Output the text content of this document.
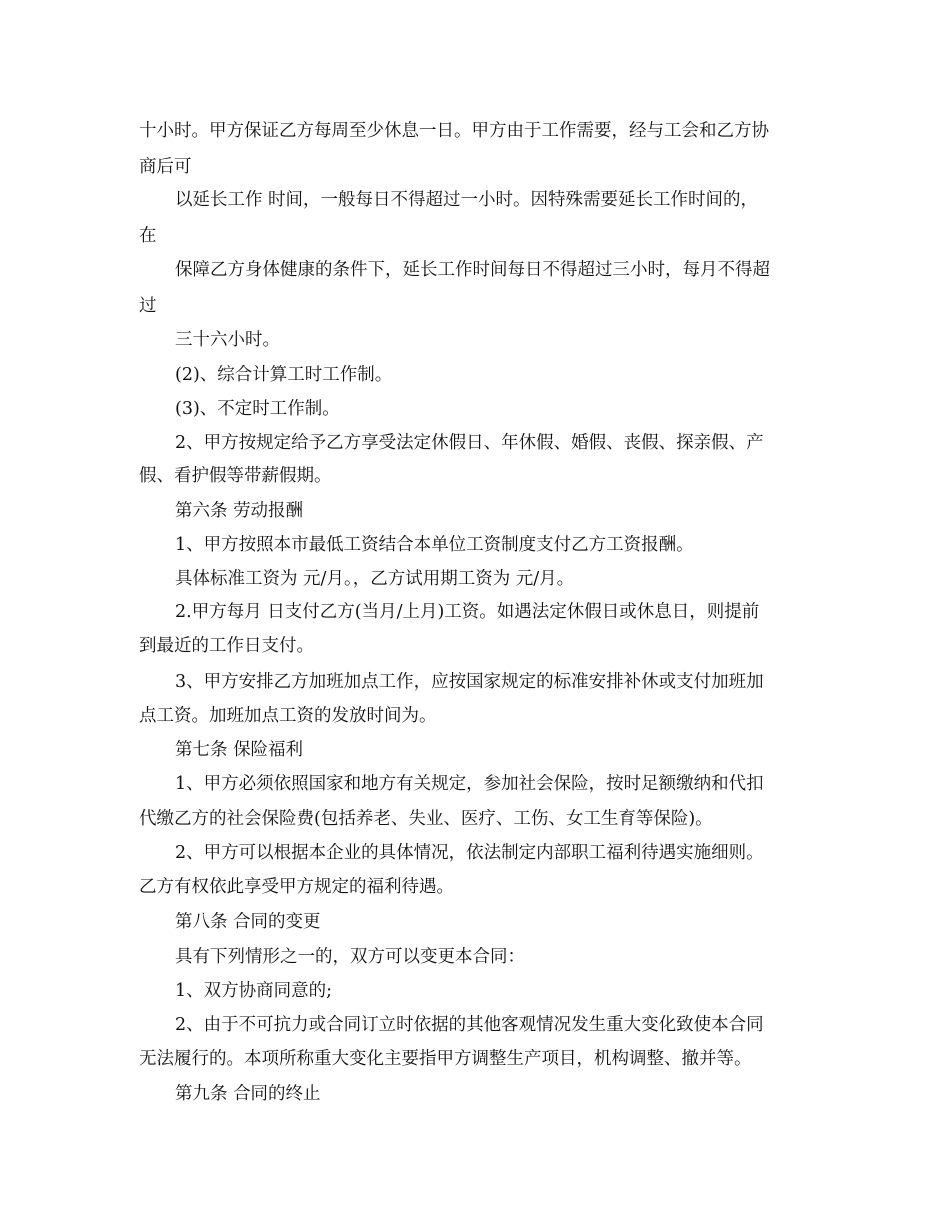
十小时。甲方保证乙方每周至少休息一日。甲方由于工作需要，经与工会和乙方协
商后可
以延长工作 时间，一般每日不得超过一小时。因特殊需要延长工作时间的，
在
保障乙方身体健康的条件下，延长工作时间每日不得超过三小时，每月不得超
过
三十六小时。
(2)、综合计算工时工作制。
(3)、不定时工作制。
2、甲方按规定给予乙方享受法定休假日、年休假、婚假、丧假、探亲假、产
假、看护假等带薪假期。
第六条 劳动报酬
1、甲方按照本市最低工资结合本单位工资制度支付乙方工资报酬。
具体标准工资为 元/月。，乙方试用期工资为 元/月。
2.甲方每月 日支付乙方(当月/上月)工资。如遇法定休假日或休息日，则提前
到最近的工作日支付。
3、甲方安排乙方加班加点工作，应按国家规定的标准安排补休或支付加班加
点工资。加班加点工资的发放时间为。
第七条 保险福利
1、甲方必须依照国家和地方有关规定，参加社会保险，按时足额缴纳和代扣
代缴乙方的社会保险费(包括养老、失业、医疗、工伤、女工生育等保险)。
2、甲方可以根据本企业的具体情况，依法制定内部职工福利待遇实施细则。
乙方有权依此享受甲方规定的福利待遇。
第八条 合同的变更
具有下列情形之一的，双方可以变更本合同：
1、双方协商同意的;
2、由于不可抗力或合同订立时依据的其他客观情况发生重大变化致使本合同
无法履行的。本项所称重大变化主要指甲方调整生产项目，机构调整、撤并等。
第九条 合同的终止
